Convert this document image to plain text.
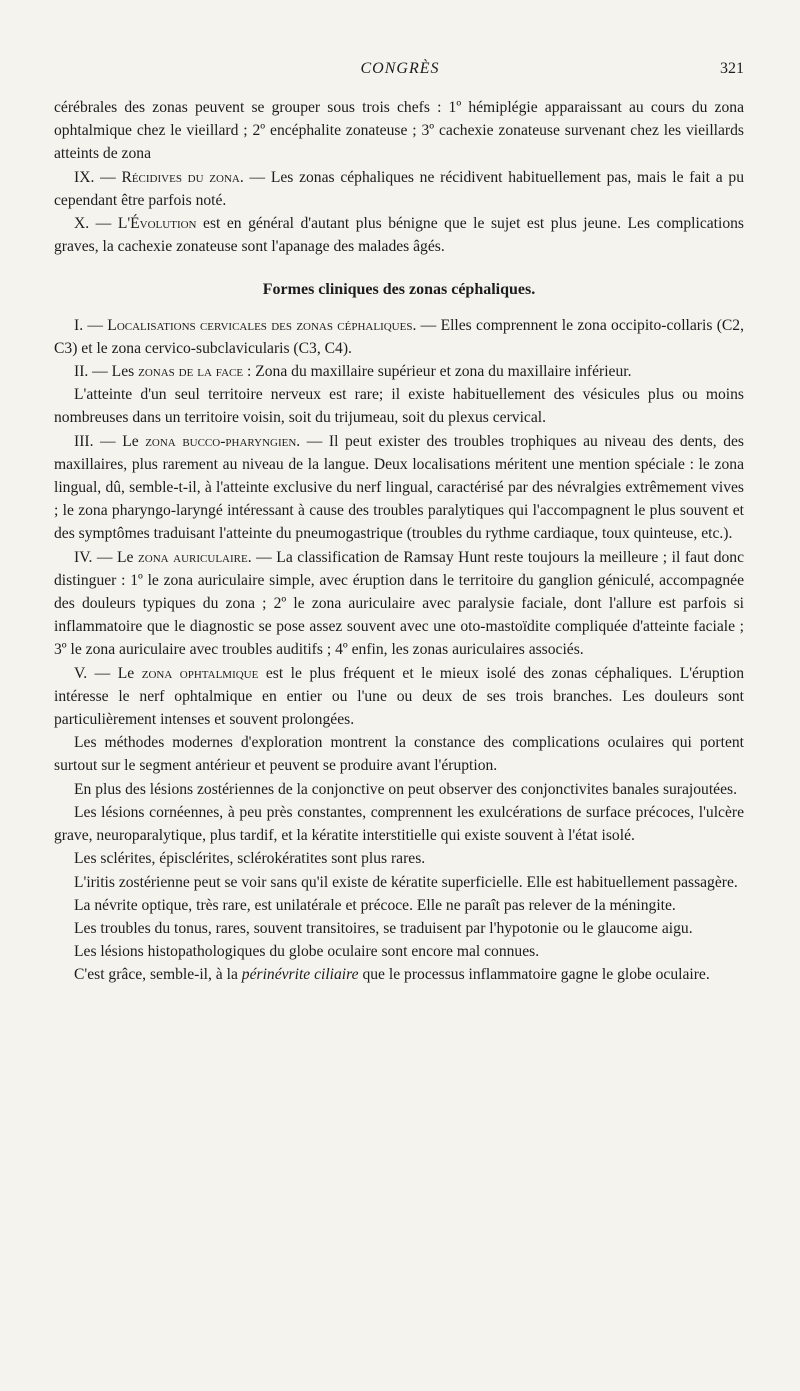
CONGRÈS	321

cérébrales des zonas peuvent se grouper sous trois chefs : 1º hémiplégie apparaissant au cours du zona ophtalmique chez le vieillard ; 2º encéphalite zonateuse ; 3º cachexie zonateuse survenant chez les vieillards atteints de zona

IX. — Récidives du zona. — Les zonas céphaliques ne récidivent habituellement pas, mais le fait a pu cependant être parfois noté.

X. — L'Évolution est en général d'autant plus bénigne que le sujet est plus jeune. Les complications graves, la cachexie zonateuse sont l'apanage des malades âgés.

Formes cliniques des zonas céphaliques.

I. — Localisations cervicales des zonas céphaliques. — Elles comprennent le zona occipito-collaris (C2, C3) et le zona cervico-subclavicularis (C3, C4).

II. — Les zonas de la face : Zona du maxillaire supérieur et zona du maxillaire inférieur.

L'atteinte d'un seul territoire nerveux est rare; il existe habituellement des vésicules plus ou moins nombreuses dans un territoire voisin, soit du trijumeau, soit du plexus cervical.

III. — Le zona bucco-pharyngien. — Il peut exister des troubles trophiques au niveau des dents, des maxillaires, plus rarement au niveau de la langue. Deux localisations méritent une mention spéciale : le zona lingual, dû, semble-t-il, à l'atteinte exclusive du nerf lingual, caractérisé par des névralgies extrêmement vives ; le zona pharyngo-laryngé intéressant à cause des troubles paralytiques qui l'accompagnent le plus souvent et des symptômes traduisant l'atteinte du pneumogastrique (troubles du rythme cardiaque, toux quinteuse, etc.).

IV. — Le zona auriculaire. — La classification de Ramsay Hunt reste toujours la meilleure ; il faut donc distinguer : 1º le zona auriculaire simple, avec éruption dans le territoire du ganglion géniculé, accompagnée des douleurs typiques du zona ; 2º le zona auriculaire avec paralysie faciale, dont l'allure est parfois si inflammatoire que le diagnostic se pose assez souvent avec une oto-mastoïdite compliquée d'atteinte faciale ; 3º le zona auriculaire avec troubles auditifs ; 4º enfin, les zonas auriculaires associés.

V. — Le zona ophtalmique est le plus fréquent et le mieux isolé des zonas céphaliques. L'éruption intéresse le nerf ophtalmique en entier ou l'une ou deux de ses trois branches. Les douleurs sont particulièrement intenses et souvent prolongées.

Les méthodes modernes d'exploration montrent la constance des complications oculaires qui portent surtout sur le segment antérieur et peuvent se produire avant l'éruption.

En plus des lésions zostériennes de la conjonctive on peut observer des conjonctivites banales surajoutées.

Les lésions cornéennes, à peu près constantes, comprennent les exulcérations de surface précoces, l'ulcère grave, neuroparalytique, plus tardif, et la kératite interstitielle qui existe souvent à l'état isolé.

Les sclérites, épisclérites, sclérokératites sont plus rares.

L'iritis zostérienne peut se voir sans qu'il existe de kératite superficielle. Elle est habituellement passagère.

La névrite optique, très rare, est unilatérale et précoce. Elle ne paraît pas relever de la méningite.

Les troubles du tonus, rares, souvent transitoires, se traduisent par l'hypotonie ou le glaucome aigu.

Les lésions histopathologiques du globe oculaire sont encore mal connues.

C'est grâce, semble-il, à la périnévrite ciliaire que le processus inflammatoire gagne le globe oculaire.
